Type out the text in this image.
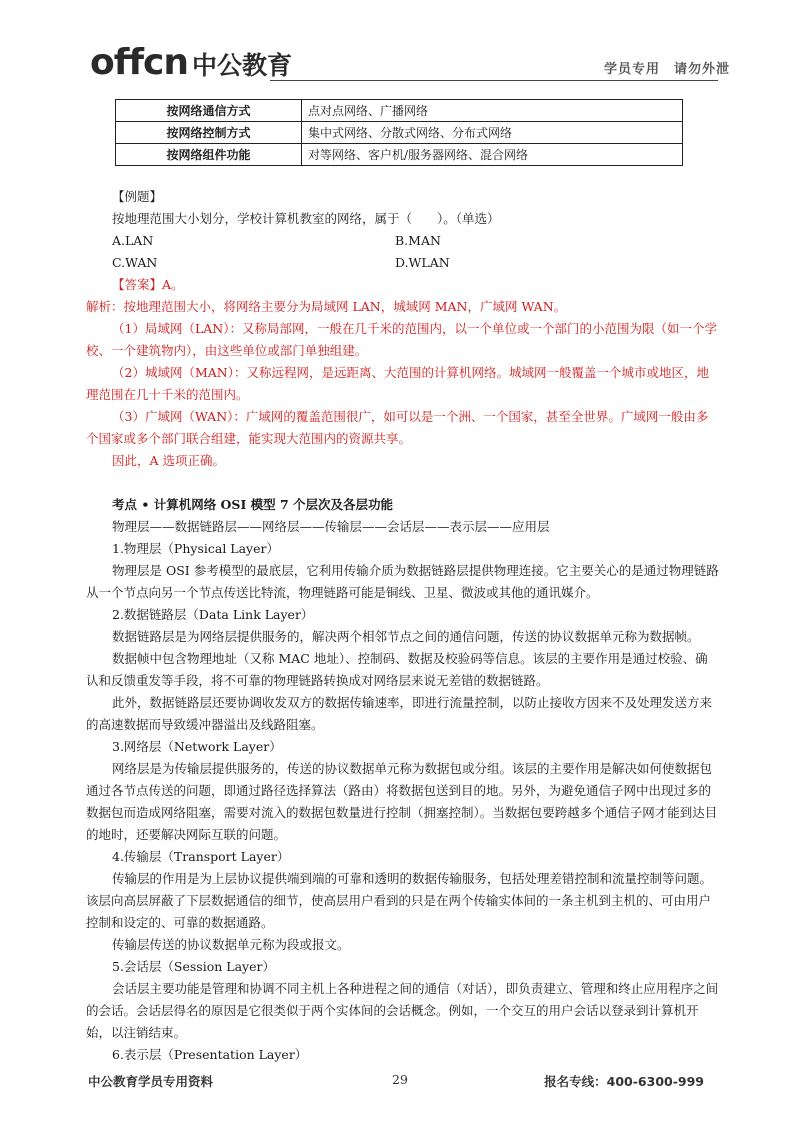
offcn 中公教育	学员专用　请勿外泄
按网络通信方式	点对点网络、广播网络
按网络控制方式	集中式网络、分散式网络、分布式网络
按网络组件功能	对等网络、客户机/服务器网络、混合网络

【例题】

按地理范围大小划分，学校计算机教室的网络，属于（　　）。（单选）

A.LAN	B.MAN
C.WAN	D.WLAN

【答案】A。

解析：按地理范围大小，将网络主要分为局域网 LAN，城域网 MAN，广域网 WAN。

（1）局域网（LAN）：又称局部网，一般在几千米的范围内，以一个单位或一个部门的小范围为限（如一个学校、一个建筑物内），由这些单位或部门单独组建。

（2）城域网（MAN）：又称远程网，是远距离、大范围的计算机网络。城域网一般覆盖一个城市或地区，地理范围在几十千米的范围内。

（3）广域网（WAN）：广域网的覆盖范围很广，如可以是一个洲、一个国家，甚至全世界。广域网一般由多个国家或多个部门联合组建，能实现大范围内的资源共享。

因此，A 选项正确。

考点 • 计算机网络 OSI 模型 7 个层次及各层功能

物理层——数据链路层——网络层——传输层——会话层——表示层——应用层

1.物理层（Physical Layer）

物理层是 OSI 参考模型的最底层，它利用传输介质为数据链路层提供物理连接。它主要关心的是通过物理链路从一个节点向另一个节点传送比特流，物理链路可能是铜线、卫星、微波或其他的通讯媒介。

2.数据链路层（Data Link Layer）

数据链路层是为网络层提供服务的，解决两个相邻节点之间的通信问题，传送的协议数据单元称为数据帧。

数据帧中包含物理地址（又称 MAC 地址）、控制码、数据及校验码等信息。该层的主要作用是通过校验、确认和反馈重发等手段，将不可靠的物理链路转换成对网络层来说无差错的数据链路。

此外，数据链路层还要协调收发双方的数据传输速率，即进行流量控制，以防止接收方因来不及处理发送方来的高速数据而导致缓冲器溢出及线路阻塞。

3.网络层（Network Layer）

网络层是为传输层提供服务的，传送的协议数据单元称为数据包或分组。该层的主要作用是解决如何使数据包通过各节点传送的问题，即通过路径选择算法（路由）将数据包送到目的地。另外，为避免通信子网中出现过多的数据包而造成网络阻塞，需要对流入的数据包数量进行控制（拥塞控制）。当数据包要跨越多个通信子网才能到达目的地时，还要解决网际互联的问题。

4.传输层（Transport Layer）

传输层的作用是为上层协议提供端到端的可靠和透明的数据传输服务，包括处理差错控制和流量控制等问题。该层向高层屏蔽了下层数据通信的细节，使高层用户看到的只是在两个传输实体间的一条主机到主机的、可由用户控制和设定的、可靠的数据通路。

传输层传送的协议数据单元称为段或报文。

5.会话层（Session Layer）

会话层主要功能是管理和协调不同主机上各种进程之间的通信（对话），即负责建立、管理和终止应用程序之间的会话。会话层得名的原因是它很类似于两个实体间的会话概念。例如，一个交互的用户会话以登录到计算机开始，以注销结束。

6.表示层（Presentation Layer）

中公教育学员专用资料	29	报名专线：400-6300-999
